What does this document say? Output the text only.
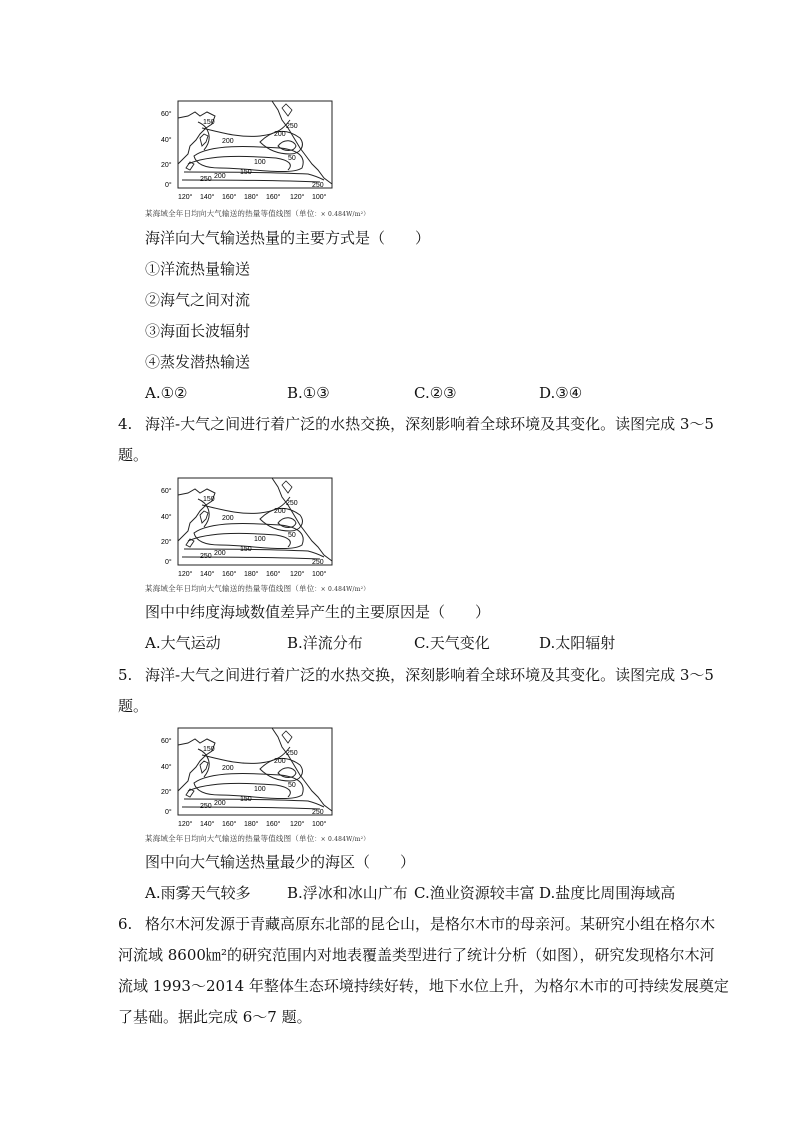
60°
40°
20°
0°
120° 140° 160° 180° 160° 120° 100°
150
200
250 200
150
100
50
250
250
200
某海域全年日均向大气输送的热量等值线图（单位：× 0.484W/m²）
海洋向大气输送热量的主要方式是（　　）
①洋流热量输送
②海气之间对流
③海面长波辐射
④蒸发潜热输送
A.①②	B.①③	C.②③	D.③④
4. 海洋-大气之间进行着广泛的水热交换，深刻影响着全球环境及其变化。读图完成 3～5
题。
60°
40°
20°
0°
120° 140° 160° 180° 160° 120° 100°
150
200
250 200
150
100
50
250
250
200
某海域全年日均向大气输送的热量等值线图（单位：× 0.484W/m²）
图中中纬度海域数值差异产生的主要原因是（　　）
A.大气运动	B.洋流分布	C.天气变化	D.太阳辐射
5. 海洋-大气之间进行着广泛的水热交换，深刻影响着全球环境及其变化。读图完成 3～5
题。
60°
40°
20°
0°
120° 140° 160° 180° 160° 120° 100°
150
200
250 200
150
100
50
250
250
200
某海域全年日均向大气输送的热量等值线图（单位：× 0.484W/m²）
图中向大气输送热量最少的海区（　　）
A.雨雾天气较多 B.浮冰和冰山广布 C.渔业资源较丰富 D.盐度比周围海域高
6. 格尔木河发源于青藏高原东北部的昆仑山，是格尔木市的母亲河。某研究小组在格尔木
河流域 8600㎞²的研究范围内对地表覆盖类型进行了统计分析（如图），研究发现格尔木河
流域 1993～2014 年整体生态环境持续好转，地下水位上升，为格尔木市的可持续发展奠定
了基础。据此完成 6～7 题。
